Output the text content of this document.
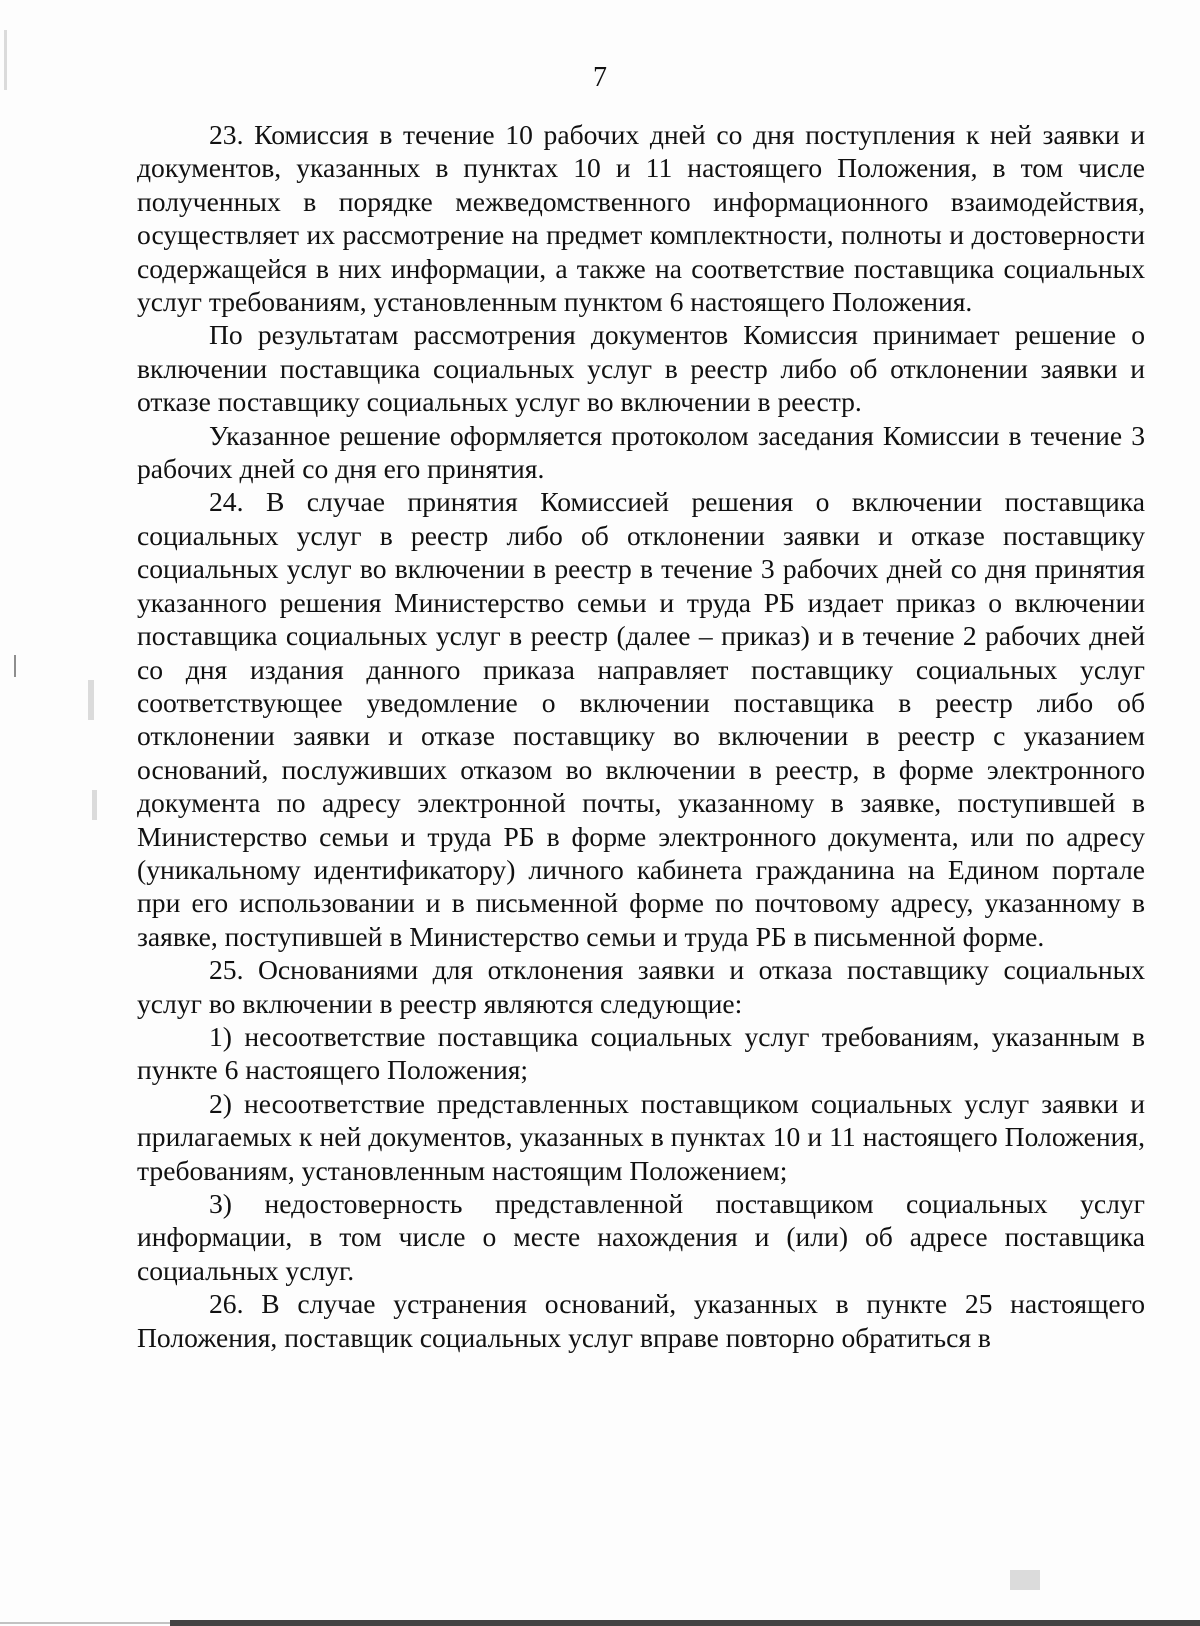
7

23. Комиссия в течение 10 рабочих дней со дня поступления к ней заявки и документов, указанных в пунктах 10 и 11 настоящего Положения, в том числе полученных в порядке межведомственного информационного взаимодействия, осуществляет их рассмотрение на предмет комплектности, полноты и достоверности содержащейся в них информации, а также на соответствие поставщика социальных услуг требованиям, установленным пунктом 6 настоящего Положения.

По результатам рассмотрения документов Комиссия принимает решение о включении поставщика социальных услуг в реестр либо об отклонении заявки и отказе поставщику социальных услуг во включении в реестр.

Указанное решение оформляется протоколом заседания Комиссии в течение 3 рабочих дней со дня его принятия.

24. В случае принятия Комиссией решения о включении поставщика социальных услуг в реестр либо об отклонении заявки и отказе поставщику социальных услуг во включении в реестр в течение 3 рабочих дней со дня принятия указанного решения Министерство семьи и труда РБ издает приказ о включении поставщика социальных услуг в реестр (далее – приказ) и в течение 2 рабочих дней со дня издания данного приказа направляет поставщику социальных услуг соответствующее уведомление о включении поставщика в реестр либо об отклонении заявки и отказе поставщику во включении в реестр с указанием оснований, послуживших отказом во включении в реестр, в форме электронного документа по адресу электронной почты, указанному в заявке, поступившей в Министерство семьи и труда РБ в форме электронного документа, или по адресу (уникальному идентификатору) личного кабинета гражданина на Едином портале при его использовании и в письменной форме по почтовому адресу, указанному в заявке, поступившей в Министерство семьи и труда РБ в письменной форме.

25. Основаниями для отклонения заявки и отказа поставщику социальных услуг во включении в реестр являются следующие:

1) несоответствие поставщика социальных услуг требованиям, указанным в пункте 6 настоящего Положения;

2) несоответствие представленных поставщиком социальных услуг заявки и прилагаемых к ней документов, указанных в пунктах 10 и 11 настоящего Положения, требованиям, установленным настоящим Положением;

3) недостоверность представленной поставщиком социальных услуг информации, в том числе о месте нахождения и (или) об адресе поставщика социальных услуг.

26. В случае устранения оснований, указанных в пункте 25 настоящего Положения, поставщик социальных услуг вправе повторно обратиться в
